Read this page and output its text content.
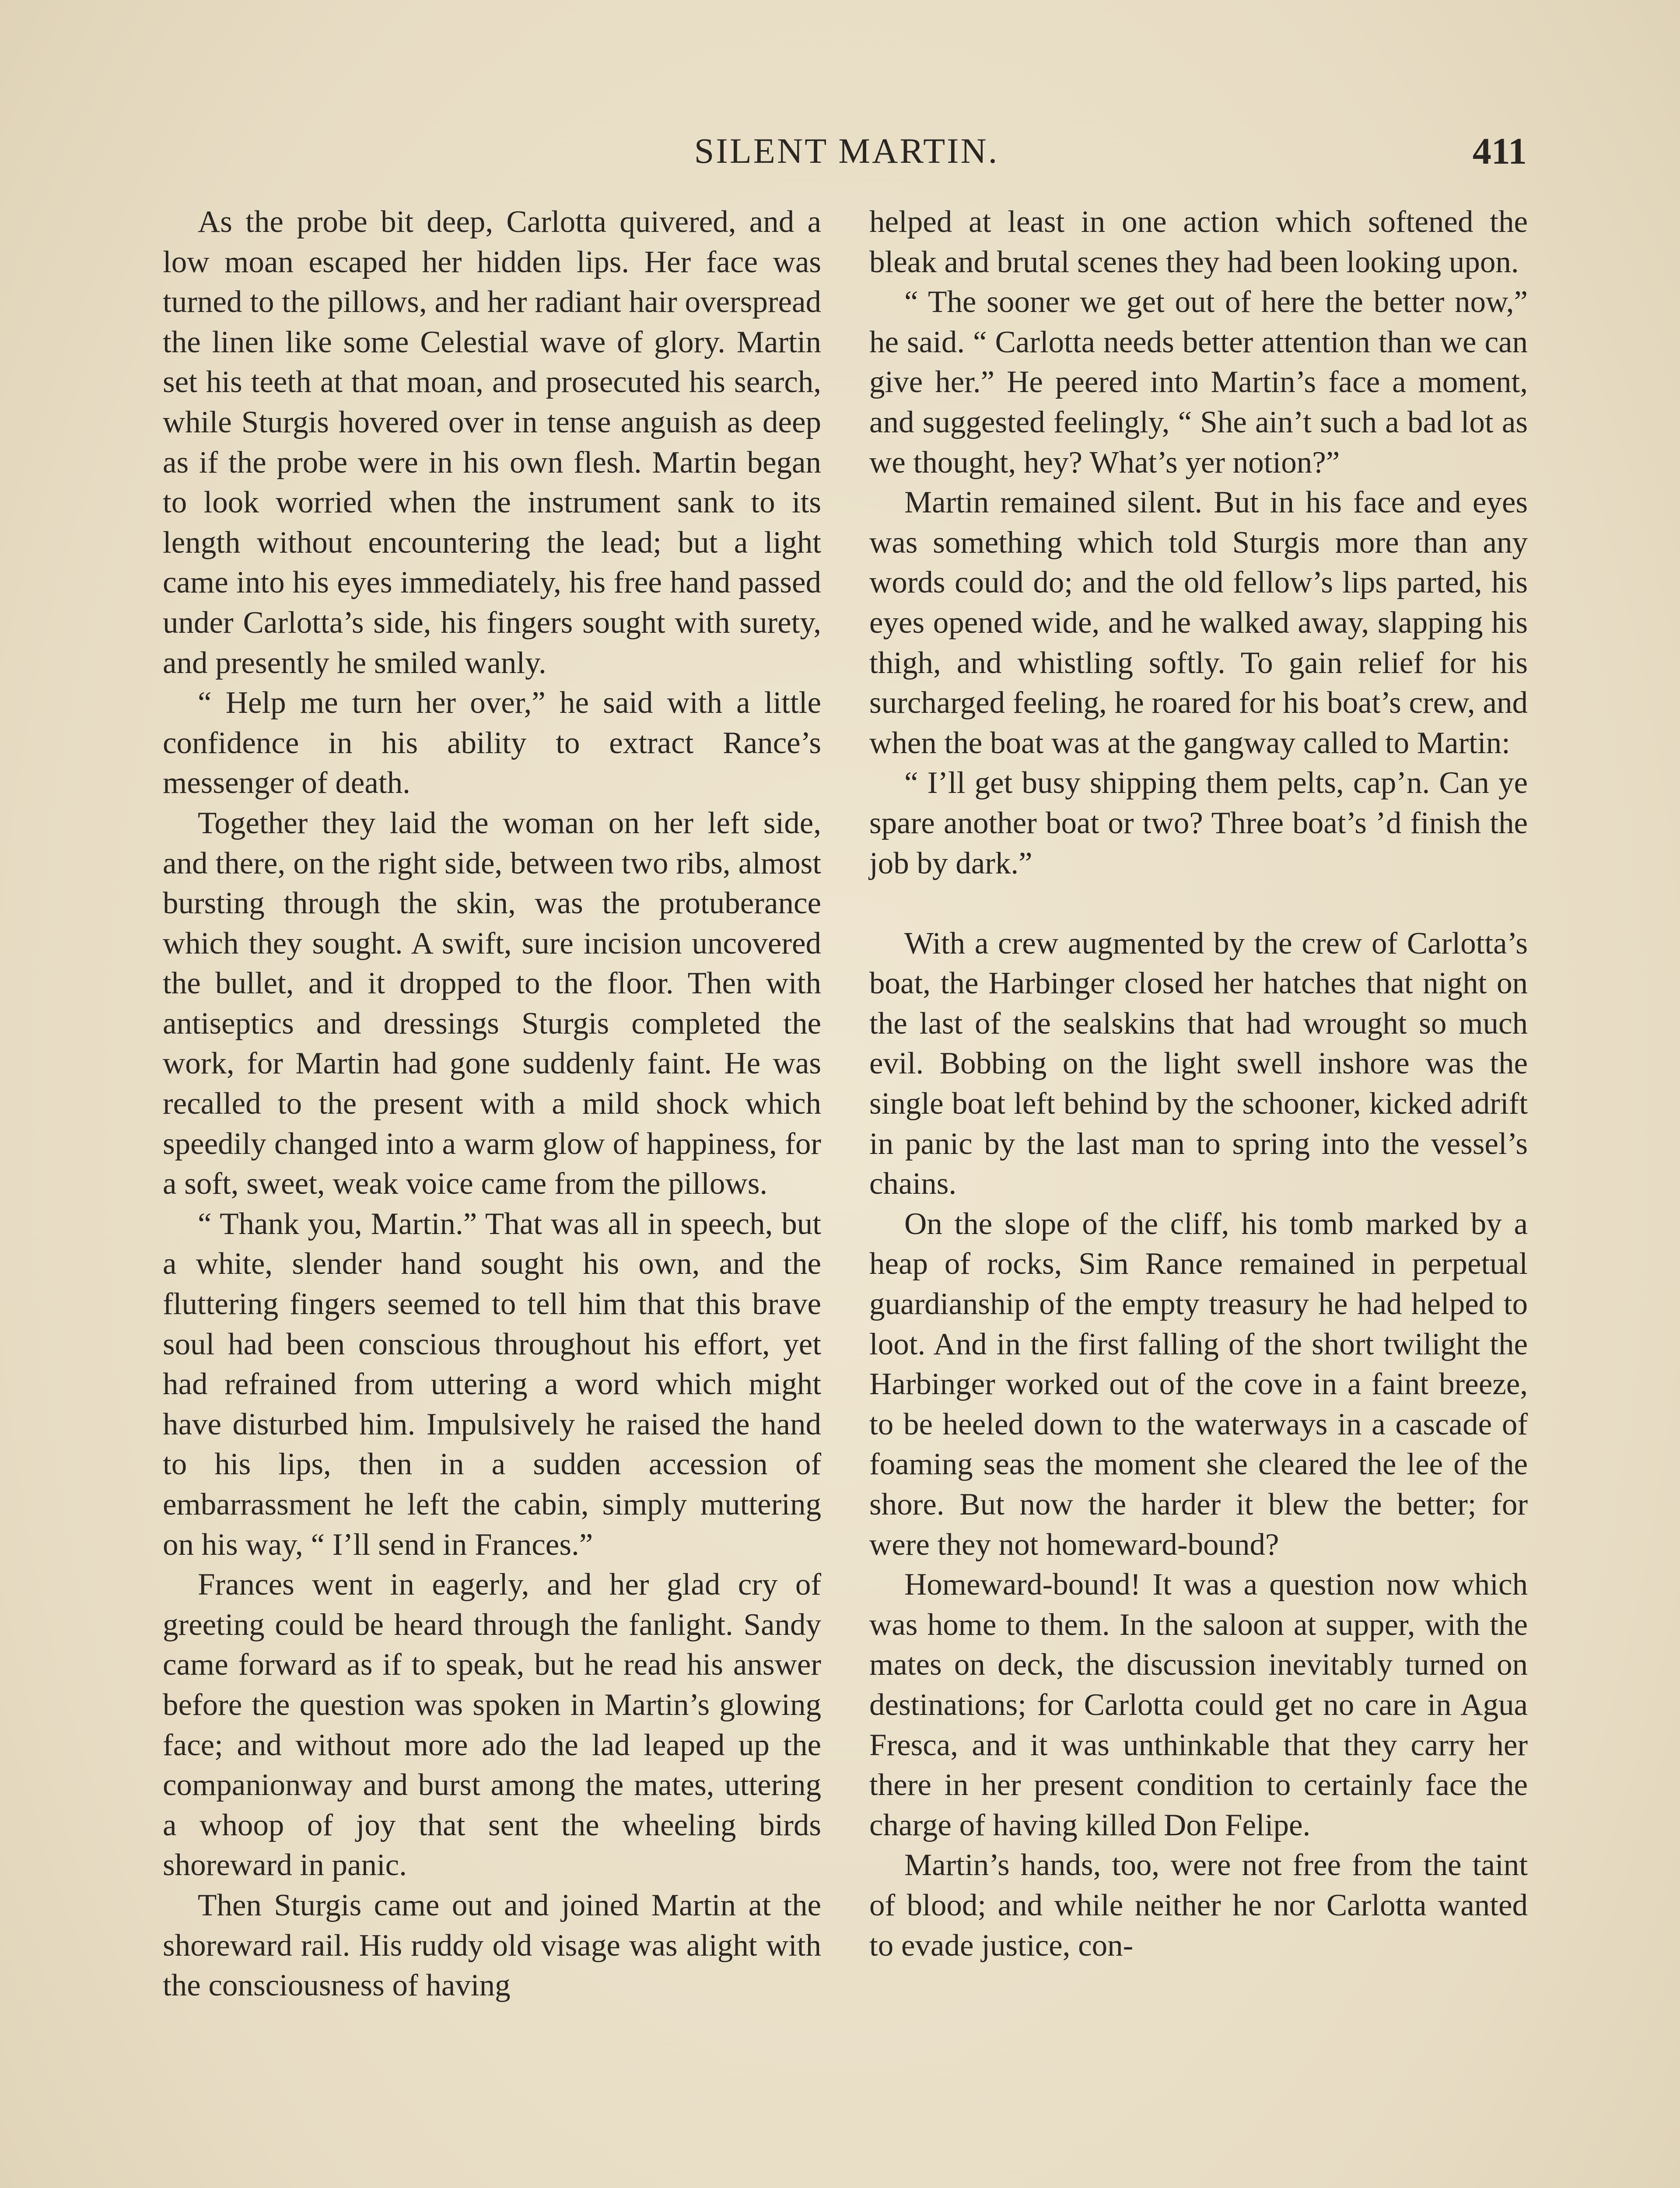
SILENT MARTIN.	411

As the probe bit deep, Carlotta quivered, and a low moan escaped her hidden lips. Her face was turned to the pillows, and her radiant hair overspread the linen like some Celestial wave of glory. Martin set his teeth at that moan, and prosecuted his search, while Sturgis hovered over in tense anguish as deep as if the probe were in his own flesh. Martin began to look worried when the instrument sank to its length without encountering the lead; but a light came into his eyes immediately, his free hand passed under Carlotta’s side, his fingers sought with surety, and presently he smiled wanly.

“ Help me turn her over,” he said with a little confidence in his ability to extract Rance’s messenger of death.

Together they laid the woman on her left side, and there, on the right side, between two ribs, almost bursting through the skin, was the protuberance which they sought. A swift, sure incision uncovered the bullet, and it dropped to the floor. Then with antiseptics and dressings Sturgis completed the work, for Martin had gone suddenly faint. He was recalled to the present with a mild shock which speedily changed into a warm glow of happiness, for a soft, sweet, weak voice came from the pillows.

“ Thank you, Martin.” That was all in speech, but a white, slender hand sought his own, and the fluttering fingers seemed to tell him that this brave soul had been conscious throughout his effort, yet had refrained from uttering a word which might have disturbed him. Impulsively he raised the hand to his lips, then in a sudden accession of embarrassment he left the cabin, simply muttering on his way, “ I’ll send in Frances.”

Frances went in eagerly, and her glad cry of greeting could be heard through the fanlight. Sandy came forward as if to speak, but he read his answer before the question was spoken in Martin’s glowing face; and without more ado the lad leaped up the companionway and burst among the mates, uttering a whoop of joy that sent the wheeling birds shoreward in panic.

Then Sturgis came out and joined Martin at the shoreward rail. His ruddy old visage was alight with the consciousness of having

helped at least in one action which softened the bleak and brutal scenes they had been looking upon.

“ The sooner we get out of here the better now,” he said. “ Carlotta needs better attention than we can give her.” He peered into Martin’s face a moment, and suggested feelingly, “ She ain’t such a bad lot as we thought, hey? What’s yer notion?”

Martin remained silent. But in his face and eyes was something which told Sturgis more than any words could do; and the old fellow’s lips parted, his eyes opened wide, and he walked away, slapping his thigh, and whistling softly. To gain relief for his surcharged feeling, he roared for his boat’s crew, and when the boat was at the gangway called to Martin:

“ I’ll get busy shipping them pelts, cap’n. Can ye spare another boat or two? Three boat’s ’d finish the job by dark.”

With a crew augmented by the crew of Carlotta’s boat, the Harbinger closed her hatches that night on the last of the sealskins that had wrought so much evil. Bobbing on the light swell inshore was the single boat left behind by the schooner, kicked adrift in panic by the last man to spring into the vessel’s chains.

On the slope of the cliff, his tomb marked by a heap of rocks, Sim Rance remained in perpetual guardianship of the empty treasury he had helped to loot. And in the first falling of the short twilight the Harbinger worked out of the cove in a faint breeze, to be heeled down to the waterways in a cascade of foaming seas the moment she cleared the lee of the shore. But now the harder it blew the better; for were they not homeward-bound?

Homeward-bound! It was a question now which was home to them. In the saloon at supper, with the mates on deck, the discussion inevitably turned on destinations; for Carlotta could get no care in Agua Fresca, and it was unthinkable that they carry her there in her present condition to certainly face the charge of having killed Don Felipe.

Martin’s hands, too, were not free from the taint of blood; and while neither he nor Carlotta wanted to evade justice, con-
